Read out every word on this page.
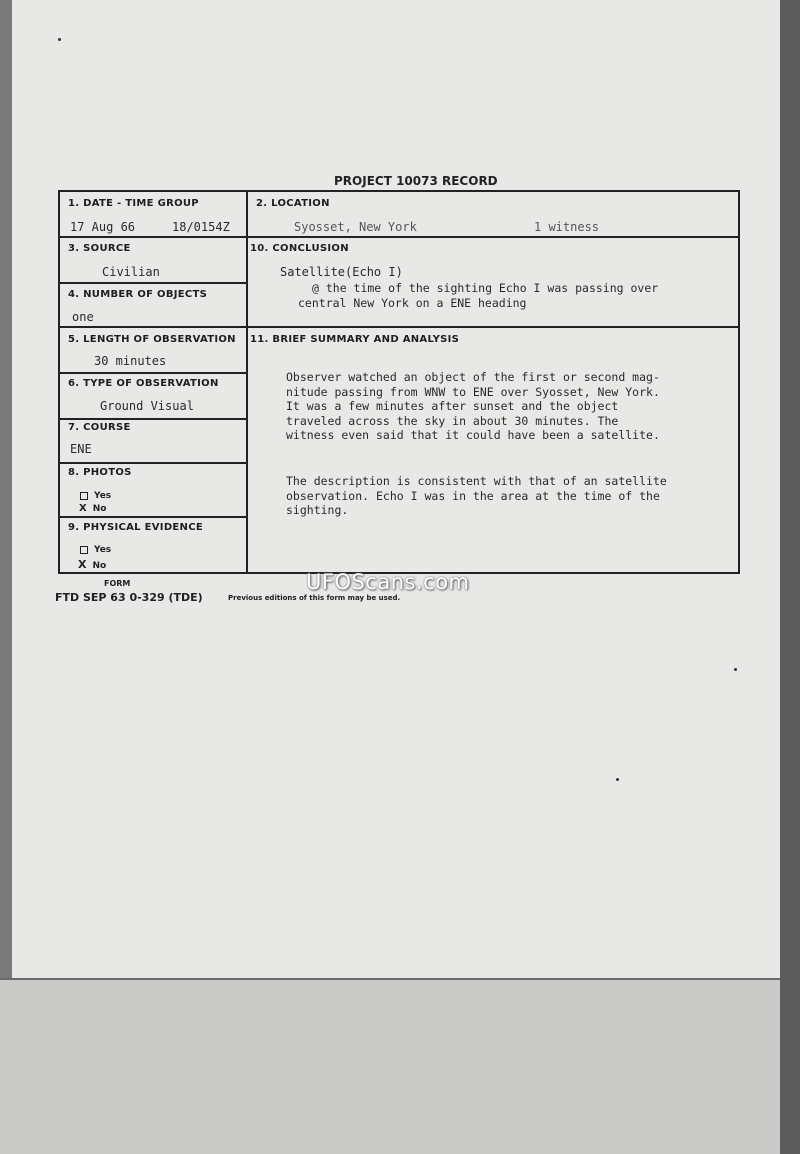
PROJECT 10073 RECORD
1. DATE - TIME GROUP
17 Aug 66	18/0154Z
2. LOCATION
Syosset, New York	1 witness
3. SOURCE
Civilian
4. NUMBER OF OBJECTS
one
5. LENGTH OF OBSERVATION
30 minutes
6. TYPE OF OBSERVATION
Ground Visual
7. COURSE
ENE
8. PHOTOS
Yes
X No
9. PHYSICAL EVIDENCE
Yes
X No
10. CONCLUSION
Satellite(Echo I)
@ the time of the sighting Echo I was passing over
central New York on a ENE heading
11. BRIEF SUMMARY AND ANALYSIS
Observer watched an object of the first or second mag-
nitude passing from WNW to ENE over Syosset, New York.
It was a few minutes after sunset and the object
traveled across the sky in about 30 minutes. The
witness even said that it could have been a satellite.
The description is consistent with that of an satellite
observation. Echo I was in the area at the time of the
sighting.
FORM
FTD SEP 63 0-329 (TDE)	Previous editions of this form may be used.
UFOScans.com
